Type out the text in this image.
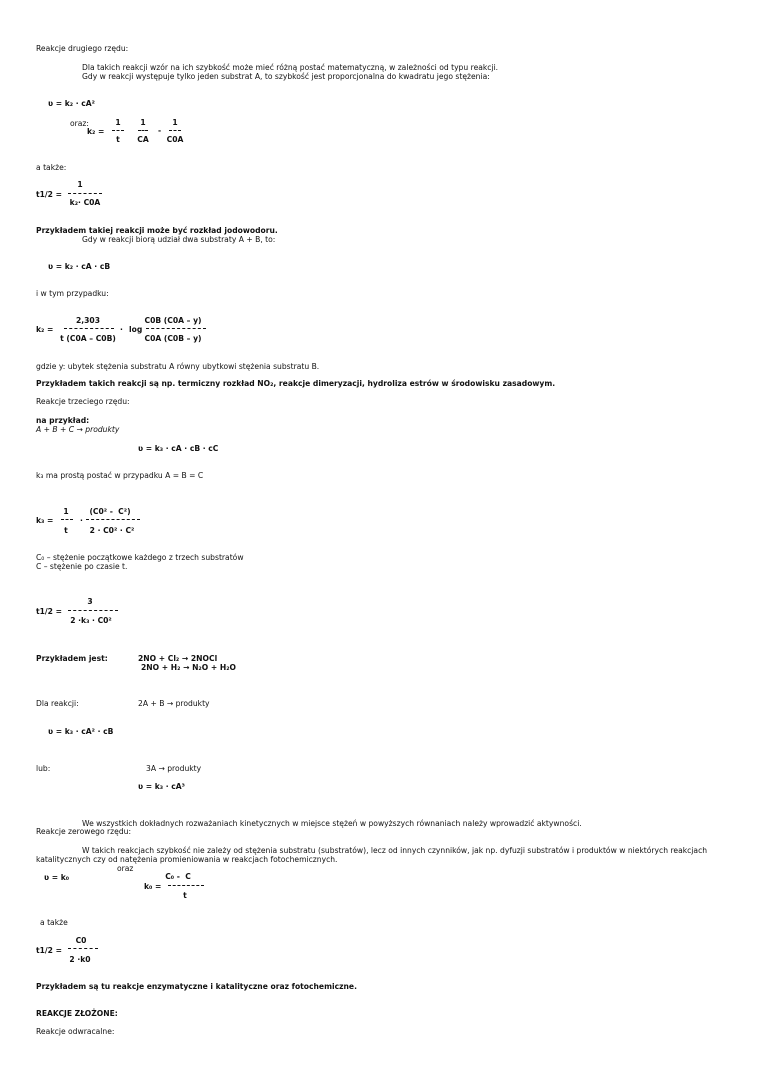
Reakcje drugiego rzędu:
Dla takich reakcji wzór na ich szybkość może mieć różną postać matematyczną, w zależności od typu reakcji.
Gdy w reakcji występuje tylko jeden substrat A, to szybkość jest proporcjonalna do kwadratu jego stężenia:
ʋ = k₂ · cA²
oraz:
k₂ =
1
t
1
CA
-
1
C0A
a także:
t1/2 =
1
k₂· C0A
Przykładem takiej reakcji może być rozkład jodowodoru.
Gdy w reakcji biorą udział dwa substraty A + B, to:
ʋ = k₂ · cA · cB
i w tym przypadku:
k₂ =
2,303
t (C0A – C0B)
· log
C0B (C0A – y)
C0A (C0B – y)
gdzie y: ubytek stężenia substratu A równy ubytkowi stężenia substratu B.
Przykładem takich reakcji są np. termiczny rozkład NO₂, reakcje dimeryzacji, hydroliza estrów w środowisku zasadowym.
Reakcje trzeciego rzędu:
na przykład:
A + B + C → produkty
ʋ = k₃ · cA · cB · cC
k₃ ma prostą postać w przypadku A = B = C
k₃ =
1
t
·
(C0² -  C²)
2 · C0² · C²
C₀ – stężenie początkowe każdego z trzech substratów
C – stężenie po czasie t.
t1/2 =
3
2 ·k₃ · C0²
Przykładem jest:	2NO + Cl₂ → 2NOCl
2NO + H₂ → N₂O + H₂O
Dla reakcji:	2A + B → produkty
ʋ = k₃ · cA² · cB
lub:	3A → produkty
ʋ = k₃ · cA³
We wszystkich dokładnych rozważaniach kinetycznych w miejsce stężeń w powyższych równaniach należy wprowadzić aktywności.
Reakcje zerowego rzędu:
W takich reakcjach szybkość nie zależy od stężenia substratu (substratów), lecz od innych czynników, jak np. dyfuzji substratów i produktów w niektórych reakcjach
katalitycznych czy od natężenia promieniowania w reakcjach fotochemicznych.
oraz
ʋ = k₀
k₀ =
C₀ -  C
t
a także
t1/2 =
C0
2 ·k0
Przykładem są tu reakcje enzymatyczne i katalityczne oraz fotochemiczne.
REAKCJE ZŁOŻONE:
Reakcje odwracalne:
